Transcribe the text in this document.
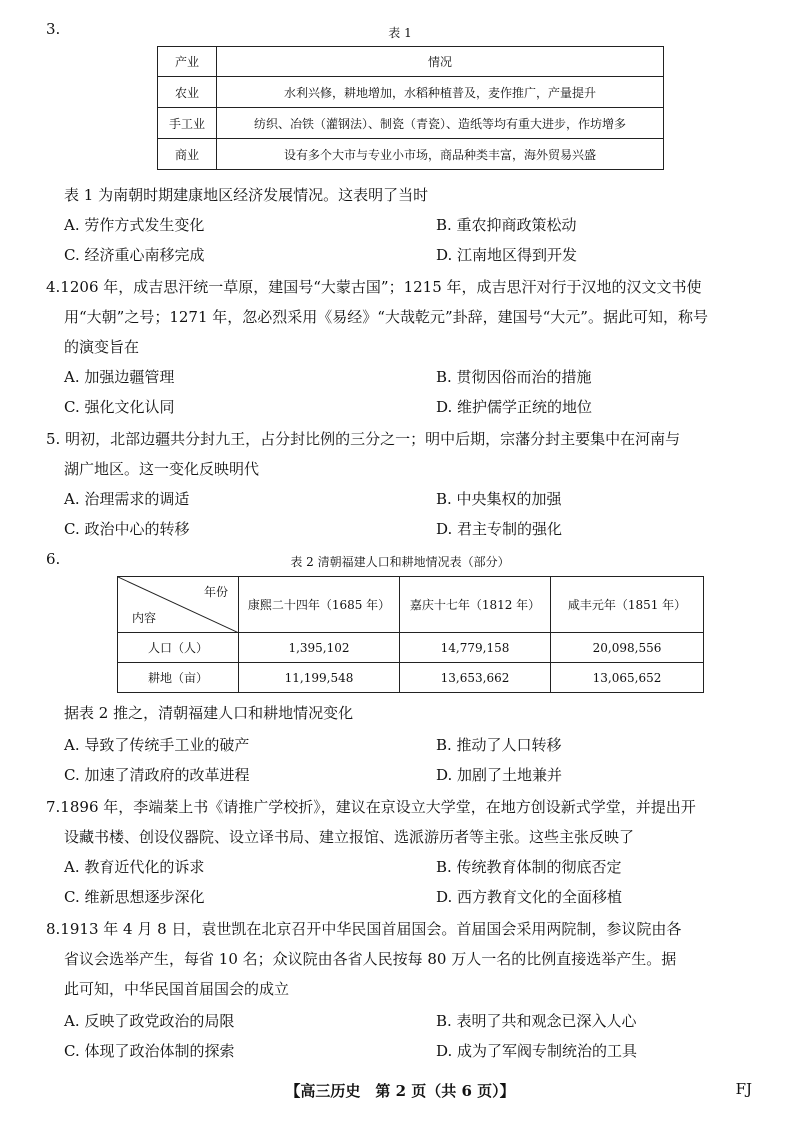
3.	表 1
产业	情况
农业	水利兴修，耕地增加，水稻种植普及，麦作推广，产量提升
手工业	纺织、冶铁（灌钢法）、制瓷（青瓷）、造纸等均有重大进步，作坊增多
商业	设有多个大市与专业小市场，商品种类丰富，海外贸易兴盛
表 1 为南朝时期建康地区经济发展情况。这表明了当时
A. 劳作方式发生变化	B. 重农抑商政策松动
C. 经济重心南移完成	D. 江南地区得到开发
4.1206 年，成吉思汗统一草原，建国号“大蒙古国”；1215 年，成吉思汗对行于汉地的汉文文书使
用“大朝”之号；1271 年，忽必烈采用《易经》“大哉乾元”卦辞，建国号“大元”。据此可知，称号
的演变旨在
A. 加强边疆管理	B. 贯彻因俗而治的措施
C. 强化文化认同	D. 维护儒学正统的地位
5. 明初，北部边疆共分封九王，占分封比例的三分之一；明中后期，宗藩分封主要集中在河南与
湖广地区。这一变化反映明代
A. 治理需求的调适	B. 中央集权的加强
C. 政治中心的转移	D. 君主专制的强化
6.	表 2 清朝福建人口和耕地情况表（部分）
年份
内容	康熙二十四年（1685 年）	嘉庆十七年（1812 年）	咸丰元年（1851 年）
人口（人）	1,395,102	14,779,158	20,098,556
耕地（亩）	11,199,548	13,653,662	13,065,652
据表 2 推之，清朝福建人口和耕地情况变化
A. 导致了传统手工业的破产	B. 推动了人口转移
C. 加速了清政府的改革进程	D. 加剧了土地兼并
7.1896 年，李端棻上书《请推广学校折》，建议在京设立大学堂，在地方创设新式学堂，并提出开
设藏书楼、创设仪器院、设立译书局、建立报馆、选派游历者等主张。这些主张反映了
A. 教育近代化的诉求	B. 传统教育体制的彻底否定
C. 维新思想逐步深化	D. 西方教育文化的全面移植
8.1913 年 4 月 8 日，袁世凯在北京召开中华民国首届国会。首届国会采用两院制，参议院由各
省议会选举产生，每省 10 名；众议院由各省人民按每 80 万人一名的比例直接选举产生。据
此可知，中华民国首届国会的成立
A. 反映了政党政治的局限	B. 表明了共和观念已深入人心
C. 体现了政治体制的探索	D. 成为了军阀专制统治的工具
【高三历史　第 2 页（共 6 页）】	FJ
